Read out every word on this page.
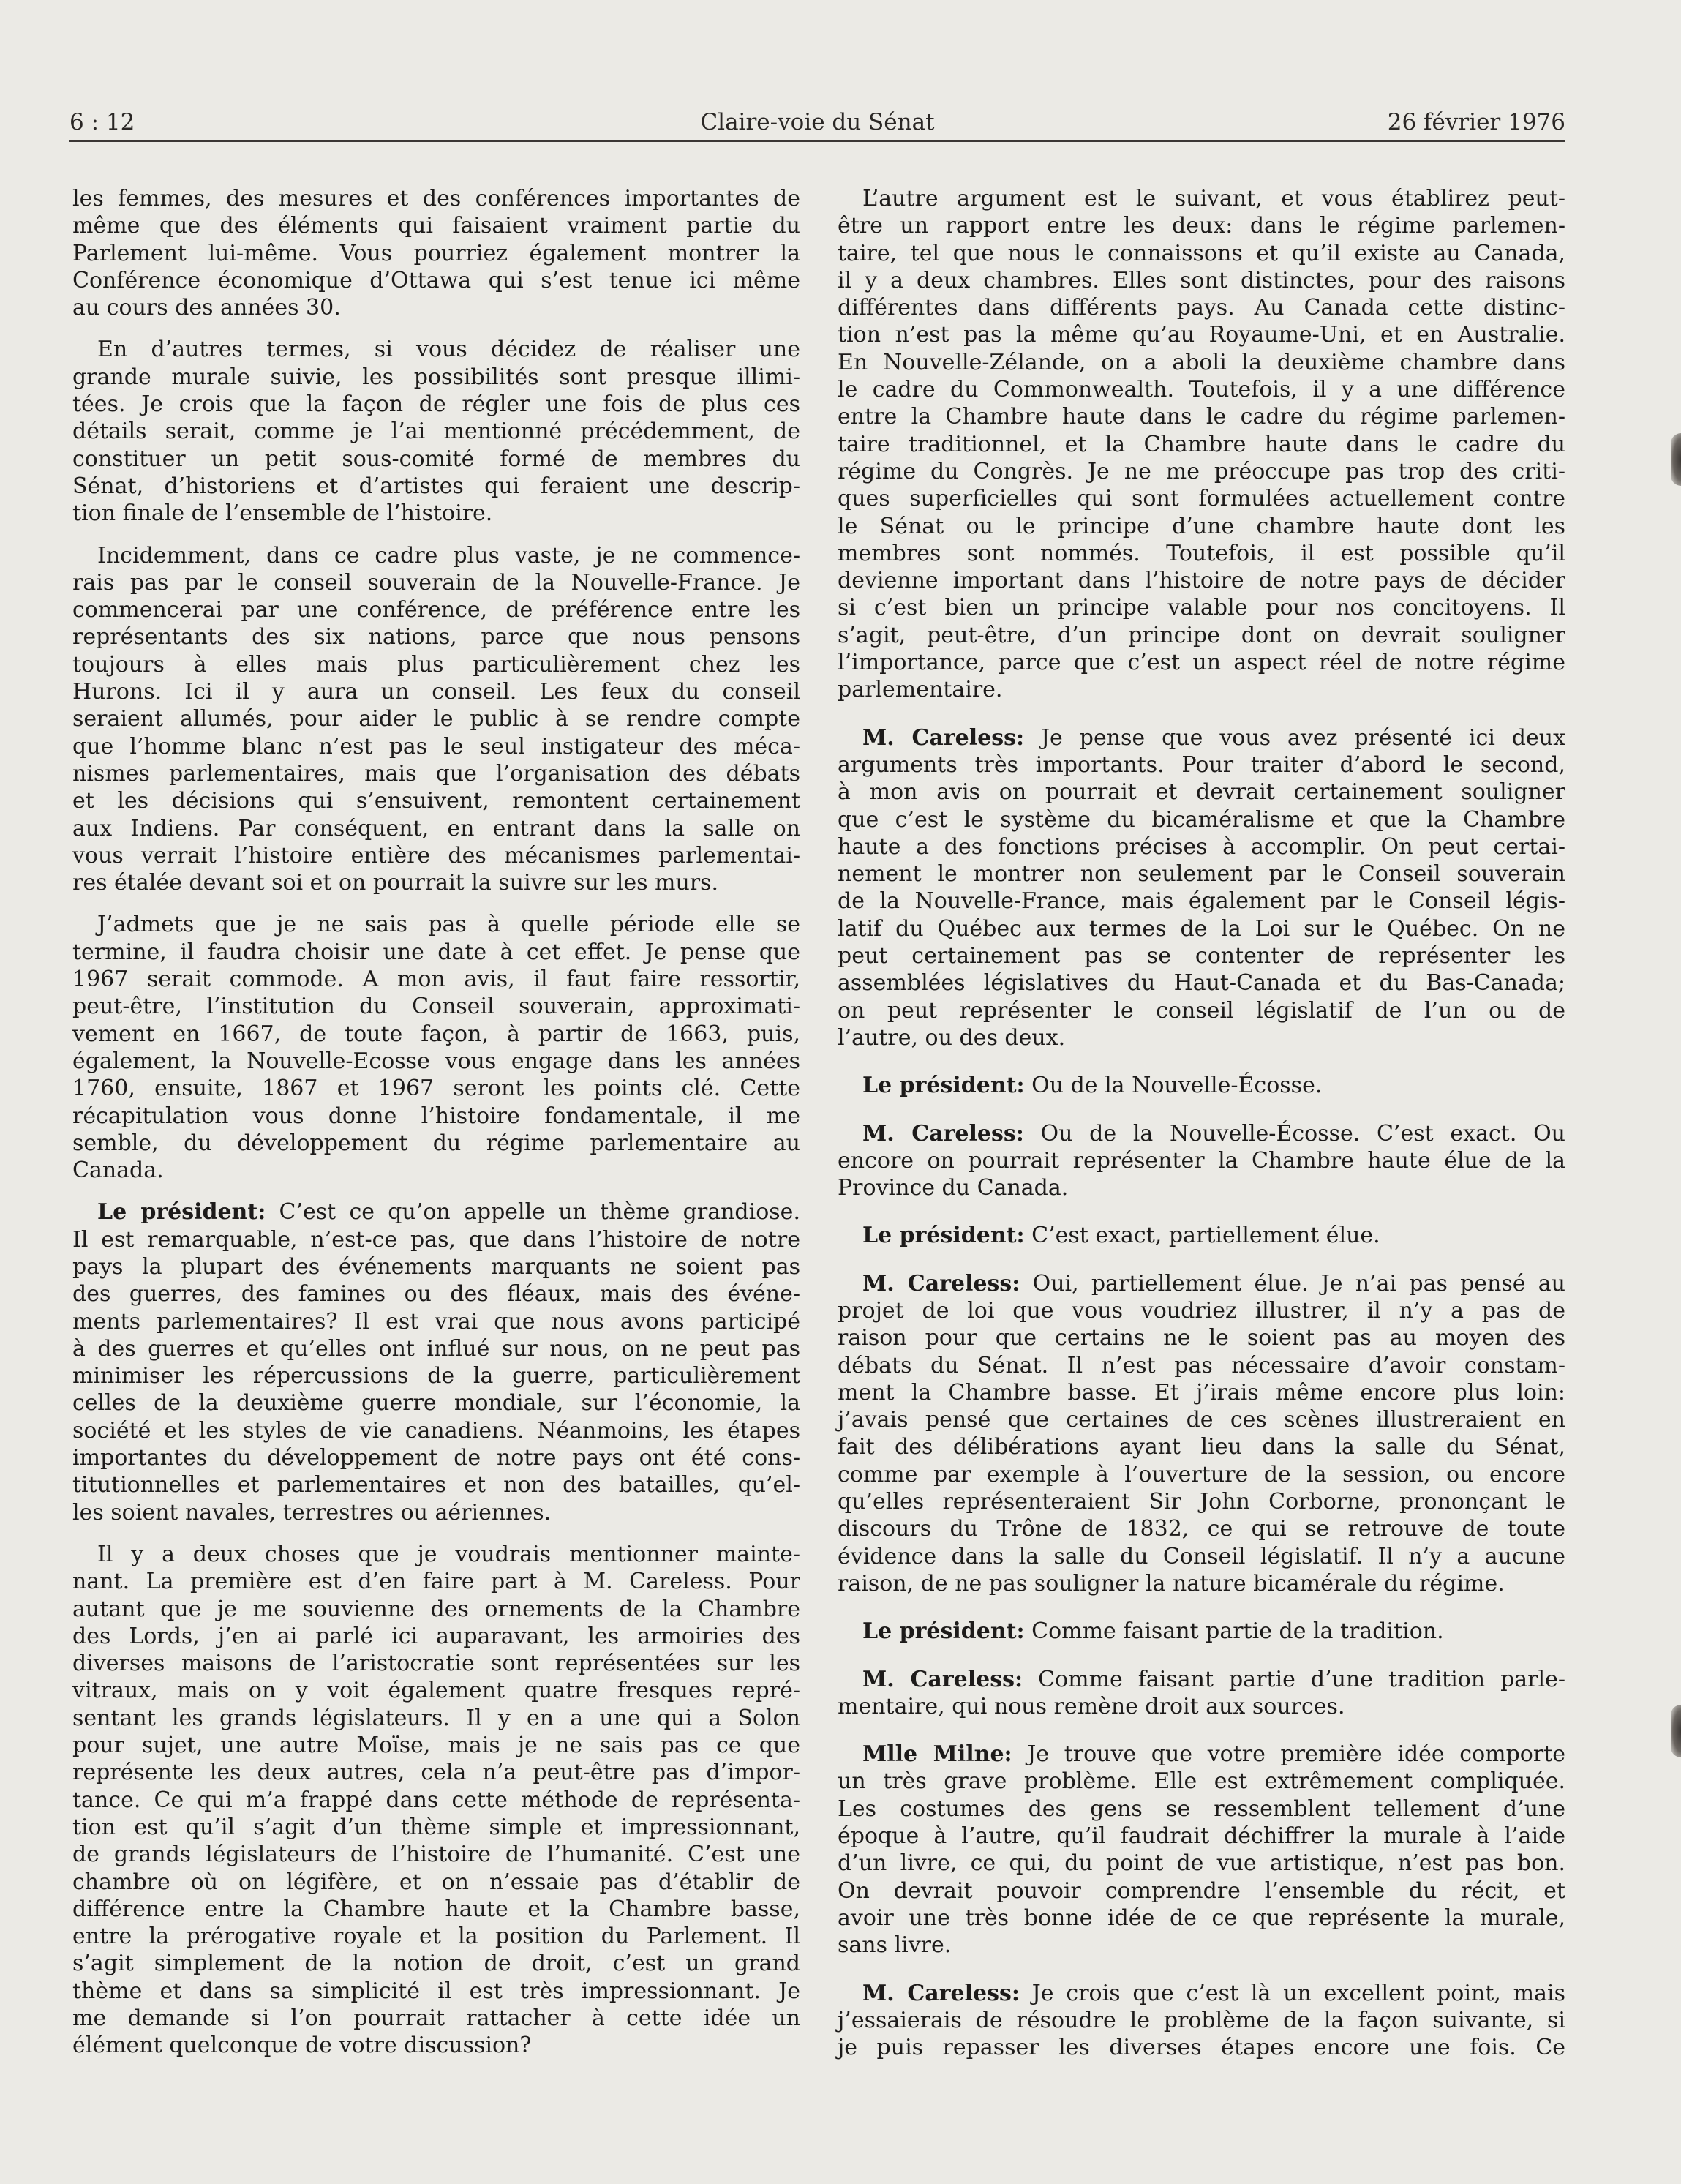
6 : 12	Claire-voie du Sénat	26 février 1976
les femmes, des mesures et des conférences importantes de
même que des éléments qui faisaient vraiment partie du
Parlement lui-même. Vous pourriez également montrer la
Conférence économique d’Ottawa qui s’est tenue ici même
au cours des années 30.
En d’autres termes, si vous décidez de réaliser une
grande murale suivie, les possibilités sont presque illimi-
tées. Je crois que la façon de régler une fois de plus ces
détails serait, comme je l’ai mentionné précédemment, de
constituer un petit sous-comité formé de membres du
Sénat, d’historiens et d’artistes qui feraient une descrip-
tion finale de l’ensemble de l’histoire.
Incidemment, dans ce cadre plus vaste, je ne commence-
rais pas par le conseil souverain de la Nouvelle-France. Je
commencerai par une conférence, de préférence entre les
représentants des six nations, parce que nous pensons
toujours à elles mais plus particulièrement chez les
Hurons. Ici il y aura un conseil. Les feux du conseil
seraient allumés, pour aider le public à se rendre compte
que l’homme blanc n’est pas le seul instigateur des méca-
nismes parlementaires, mais que l’organisation des débats
et les décisions qui s’ensuivent, remontent certainement
aux Indiens. Par conséquent, en entrant dans la salle on
vous verrait l’histoire entière des mécanismes parlementai-
res étalée devant soi et on pourrait la suivre sur les murs.
J’admets que je ne sais pas à quelle période elle se
termine, il faudra choisir une date à cet effet. Je pense que
1967 serait commode. A mon avis, il faut faire ressortir,
peut-être, l’institution du Conseil souverain, approximati-
vement en 1667, de toute façon, à partir de 1663, puis,
également, la Nouvelle-Ecosse vous engage dans les années
1760, ensuite, 1867 et 1967 seront les points clé. Cette
récapitulation vous donne l’histoire fondamentale, il me
semble, du développement du régime parlementaire au
Canada.
Le président: C’est ce qu’on appelle un thème grandiose.
Il est remarquable, n’est-ce pas, que dans l’histoire de notre
pays la plupart des événements marquants ne soient pas
des guerres, des famines ou des fléaux, mais des événe-
ments parlementaires? Il est vrai que nous avons participé
à des guerres et qu’elles ont influé sur nous, on ne peut pas
minimiser les répercussions de la guerre, particulièrement
celles de la deuxième guerre mondiale, sur l’économie, la
société et les styles de vie canadiens. Néanmoins, les étapes
importantes du développement de notre pays ont été cons-
titutionnelles et parlementaires et non des batailles, qu’el-
les soient navales, terrestres ou aériennes.
Il y a deux choses que je voudrais mentionner mainte-
nant. La première est d’en faire part à M. Careless. Pour
autant que je me souvienne des ornements de la Chambre
des Lords, j’en ai parlé ici auparavant, les armoiries des
diverses maisons de l’aristocratie sont représentées sur les
vitraux, mais on y voit également quatre fresques repré-
sentant les grands législateurs. Il y en a une qui a Solon
pour sujet, une autre Moïse, mais je ne sais pas ce que
représente les deux autres, cela n’a peut-être pas d’impor-
tance. Ce qui m’a frappé dans cette méthode de représenta-
tion est qu’il s’agit d’un thème simple et impressionnant,
de grands législateurs de l’histoire de l’humanité. C’est une
chambre où on légifère, et on n’essaie pas d’établir de
différence entre la Chambre haute et la Chambre basse,
entre la prérogative royale et la position du Parlement. Il
s’agit simplement de la notion de droit, c’est un grand
thème et dans sa simplicité il est très impressionnant. Je
me demande si l’on pourrait rattacher à cette idée un
élément quelconque de votre discussion?
L’autre argument est le suivant, et vous établirez peut-
être un rapport entre les deux: dans le régime parlemen-
taire, tel que nous le connaissons et qu’il existe au Canada,
il y a deux chambres. Elles sont distinctes, pour des raisons
différentes dans différents pays. Au Canada cette distinc-
tion n’est pas la même qu’au Royaume-Uni, et en Australie.
En Nouvelle-Zélande, on a aboli la deuxième chambre dans
le cadre du Commonwealth. Toutefois, il y a une différence
entre la Chambre haute dans le cadre du régime parlemen-
taire traditionnel, et la Chambre haute dans le cadre du
régime du Congrès. Je ne me préoccupe pas trop des criti-
ques superficielles qui sont formulées actuellement contre
le Sénat ou le principe d’une chambre haute dont les
membres sont nommés. Toutefois, il est possible qu’il
devienne important dans l’histoire de notre pays de décider
si c’est bien un principe valable pour nos concitoyens. Il
s’agit, peut-être, d’un principe dont on devrait souligner
l’importance, parce que c’est un aspect réel de notre régime
parlementaire.
M. Careless: Je pense que vous avez présenté ici deux
arguments très importants. Pour traiter d’abord le second,
à mon avis on pourrait et devrait certainement souligner
que c’est le système du bicaméralisme et que la Chambre
haute a des fonctions précises à accomplir. On peut certai-
nement le montrer non seulement par le Conseil souverain
de la Nouvelle-France, mais également par le Conseil légis-
latif du Québec aux termes de la Loi sur le Québec. On ne
peut certainement pas se contenter de représenter les
assemblées législatives du Haut-Canada et du Bas-Canada;
on peut représenter le conseil législatif de l’un ou de
l’autre, ou des deux.
Le président: Ou de la Nouvelle-Écosse.
M. Careless: Ou de la Nouvelle-Écosse. C’est exact. Ou
encore on pourrait représenter la Chambre haute élue de la
Province du Canada.
Le président: C’est exact, partiellement élue.
M. Careless: Oui, partiellement élue. Je n’ai pas pensé au
projet de loi que vous voudriez illustrer, il n’y a pas de
raison pour que certains ne le soient pas au moyen des
débats du Sénat. Il n’est pas nécessaire d’avoir constam-
ment la Chambre basse. Et j’irais même encore plus loin:
j’avais pensé que certaines de ces scènes illustreraient en
fait des délibérations ayant lieu dans la salle du Sénat,
comme par exemple à l’ouverture de la session, ou encore
qu’elles représenteraient Sir John Corborne, prononçant le
discours du Trône de 1832, ce qui se retrouve de toute
évidence dans la salle du Conseil législatif. Il n’y a aucune
raison, de ne pas souligner la nature bicamérale du régime.
Le président: Comme faisant partie de la tradition.
M. Careless: Comme faisant partie d’une tradition parle-
mentaire, qui nous remène droit aux sources.
Mlle Milne: Je trouve que votre première idée comporte
un très grave problème. Elle est extrêmement compliquée.
Les costumes des gens se ressemblent tellement d’une
époque à l’autre, qu’il faudrait déchiffrer la murale à l’aide
d’un livre, ce qui, du point de vue artistique, n’est pas bon.
On devrait pouvoir comprendre l’ensemble du récit, et
avoir une très bonne idée de ce que représente la murale,
sans livre.
M. Careless: Je crois que c’est là un excellent point, mais
j’essaierais de résoudre le problème de la façon suivante, si
je puis repasser les diverses étapes encore une fois. Ce
